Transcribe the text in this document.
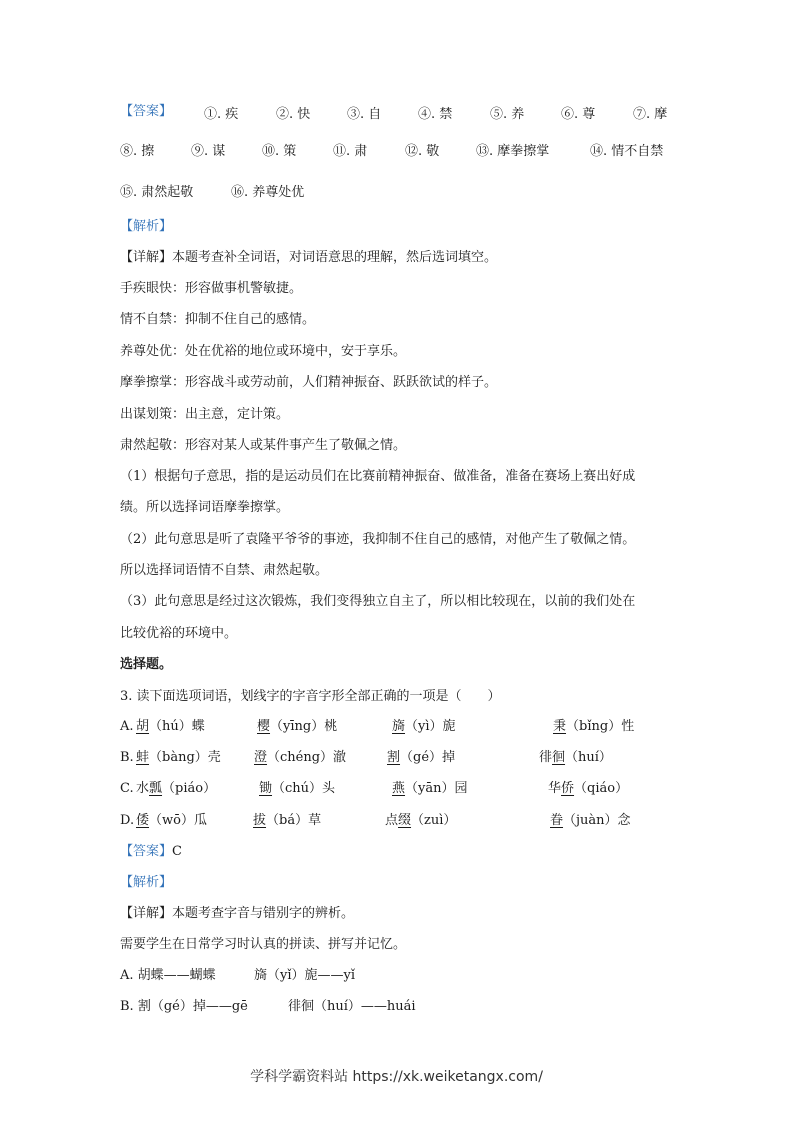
【答案】 ①. 疾	②. 快	③. 自	④. 禁	⑤. 养	⑥. 尊	⑦. 摩
⑧. 擦	⑨. 谋	⑩. 策	⑪. 肃	⑫. 敬	⑬. 摩拳擦掌	⑭. 情不自禁
⑮. 肃然起敬	⑯. 养尊处优
【解析】
【详解】本题考查补全词语，对词语意思的理解，然后选词填空。
手疾眼快：形容做事机警敏捷。
情不自禁：抑制不住自己的感情。
养尊处优：处在优裕的地位或环境中，安于享乐。
摩拳擦掌：形容战斗或劳动前，人们精神振奋、跃跃欲试的样子。
出谋划策：出主意，定计策。
肃然起敬：形容对某人或某件事产生了敬佩之情。
（1）根据句子意思，指的是运动员们在比赛前精神振奋、做准备，准备在赛场上赛出好成
绩。所以选择词语摩拳擦掌。
（2）此句意思是听了袁隆平爷爷的事迹，我抑制不住自己的感情，对他产生了敬佩之情。
所以选择词语情不自禁、肃然起敬。
（3）此句意思是经过这次锻炼，我们变得独立自主了，所以相比较现在，以前的我们处在
比较优裕的环境中。
选择题。
3. 读下面选项词语，划线字的字音字形全部正确的一项是（　　）
A. 胡（hú）蝶	樱（yīng）桃	旖（yì）旎	秉（bǐng）性
B. 蚌（bàng）壳	澄（chéng）澈	割（gé）掉	徘徊（huí）
C. 水瓢（piáo）	锄（chú）头	燕（yān）园	华侨（qiáo）
D. 倭（wō）瓜	拔（bá）草	点缀（zuì）	眷（juàn）念
【答案】C
【解析】
【详解】本题考查字音与错别字的辨析。
需要学生在日常学习时认真的拼读、拼写并记忆。
A. 胡蝶——蝴蝶	旖（yǐ）旎——yǐ
B. 割（gé）掉——gē	徘徊（huí）——huái
学科学霸资料站 https://xk.weiketangx.com/
